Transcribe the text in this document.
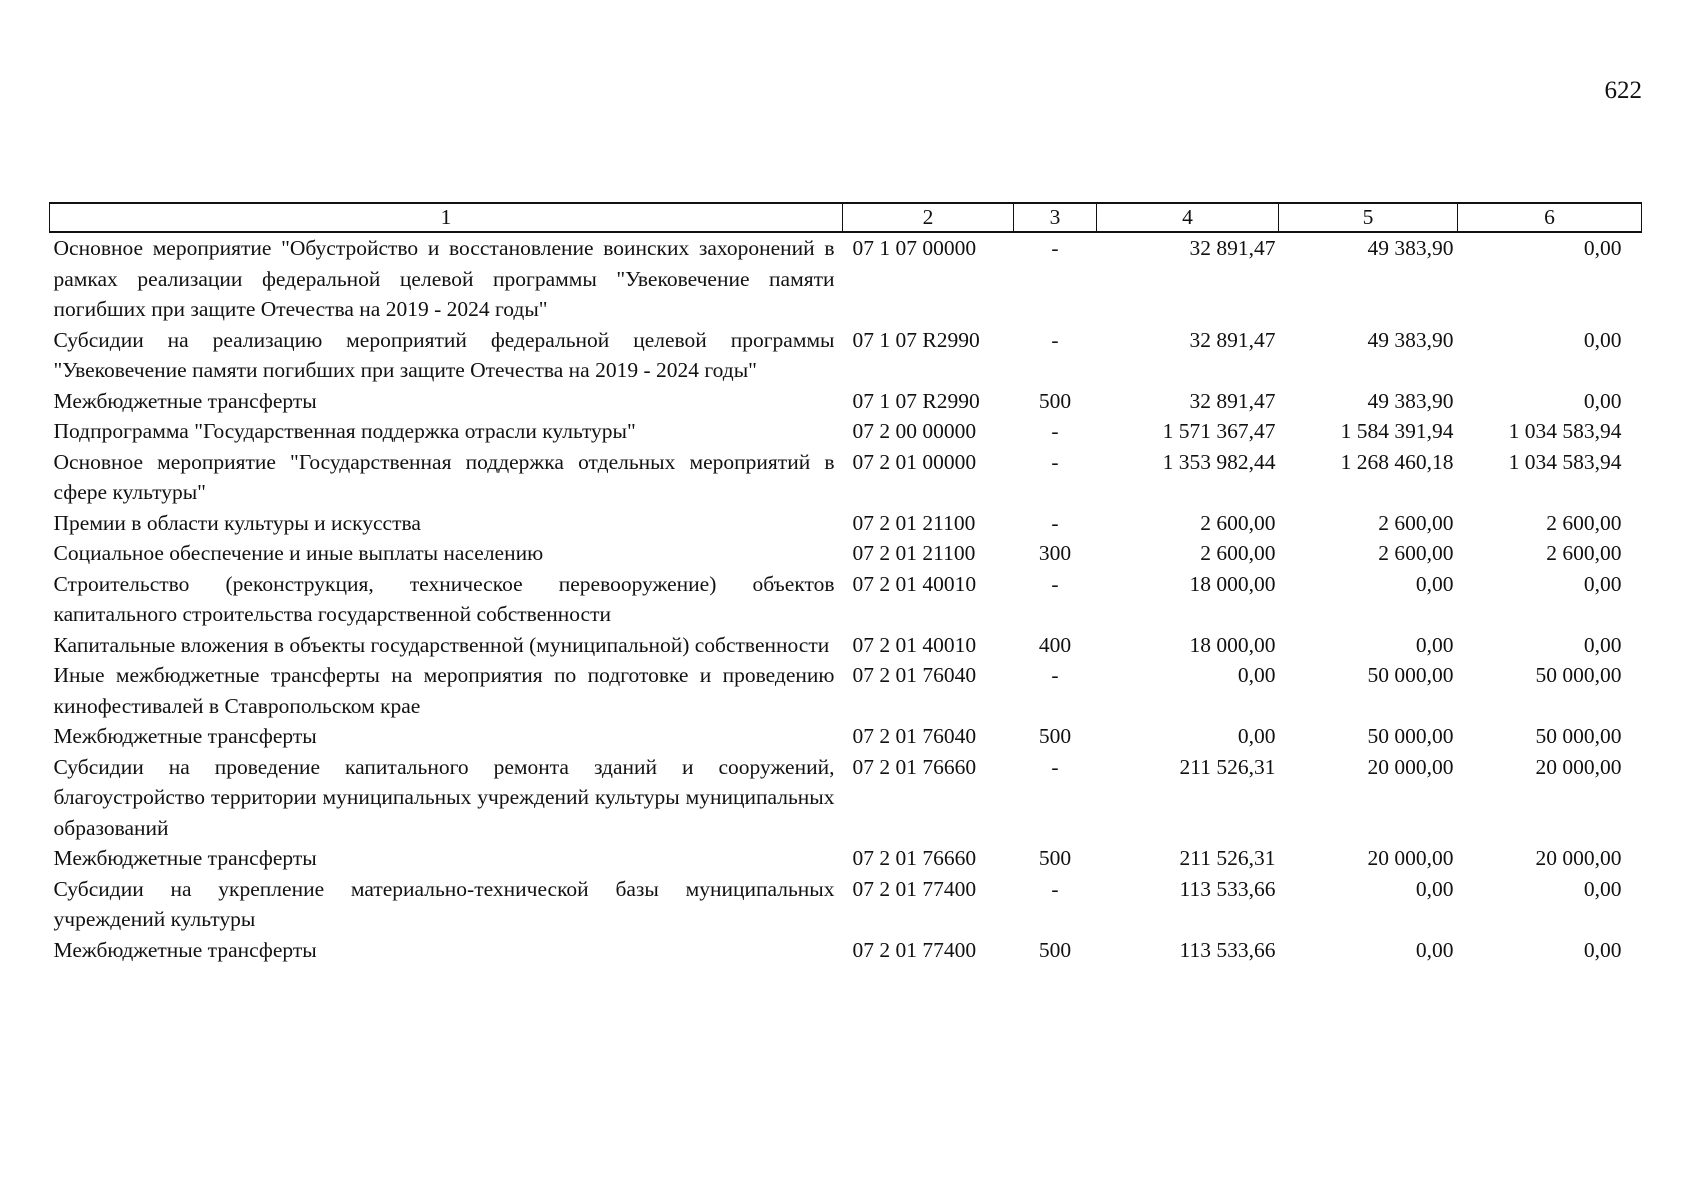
622
1	2	3	4	5	6
Основное мероприятие "Обустройство и восстановление воинских захоронений в рамках реализации федеральной целевой программы "Увековечение памяти погибших при защите Отечества на 2019 - 2024 годы"	07 1 07 00000	-	32 891,47	49 383,90	0,00
Субсидии на реализацию мероприятий федеральной целевой программы "Увековечение памяти погибших при защите Отечества на 2019 - 2024 годы"	07 1 07 R2990	-	32 891,47	49 383,90	0,00
Межбюджетные трансферты	07 1 07 R2990	500	32 891,47	49 383,90	0,00
Подпрограмма "Государственная поддержка отрасли культуры"	07 2 00 00000	-	1 571 367,47	1 584 391,94	1 034 583,94
Основное мероприятие "Государственная поддержка отдельных мероприятий в сфере культуры"	07 2 01 00000	-	1 353 982,44	1 268 460,18	1 034 583,94
Премии в области культуры и искусства	07 2 01 21100	-	2 600,00	2 600,00	2 600,00
Социальное обеспечение и иные выплаты населению	07 2 01 21100	300	2 600,00	2 600,00	2 600,00
Строительство (реконструкция, техническое перевооружение) объектов капитального строительства государственной собственности	07 2 01 40010	-	18 000,00	0,00	0,00
Капитальные вложения в объекты государственной (муниципальной) собственности	07 2 01 40010	400	18 000,00	0,00	0,00
Иные межбюджетные трансферты на мероприятия по подготовке и проведению кинофестивалей в Ставропольском крае	07 2 01 76040	-	0,00	50 000,00	50 000,00
Межбюджетные трансферты	07 2 01 76040	500	0,00	50 000,00	50 000,00
Субсидии на проведение капитального ремонта зданий и сооружений, благоустройство территории муниципальных учреждений культуры муниципальных образований	07 2 01 76660	-	211 526,31	20 000,00	20 000,00
Межбюджетные трансферты	07 2 01 76660	500	211 526,31	20 000,00	20 000,00
Субсидии на укрепление материально-технической базы муниципальных учреждений культуры	07 2 01 77400	-	113 533,66	0,00	0,00
Межбюджетные трансферты	07 2 01 77400	500	113 533,66	0,00	0,00
